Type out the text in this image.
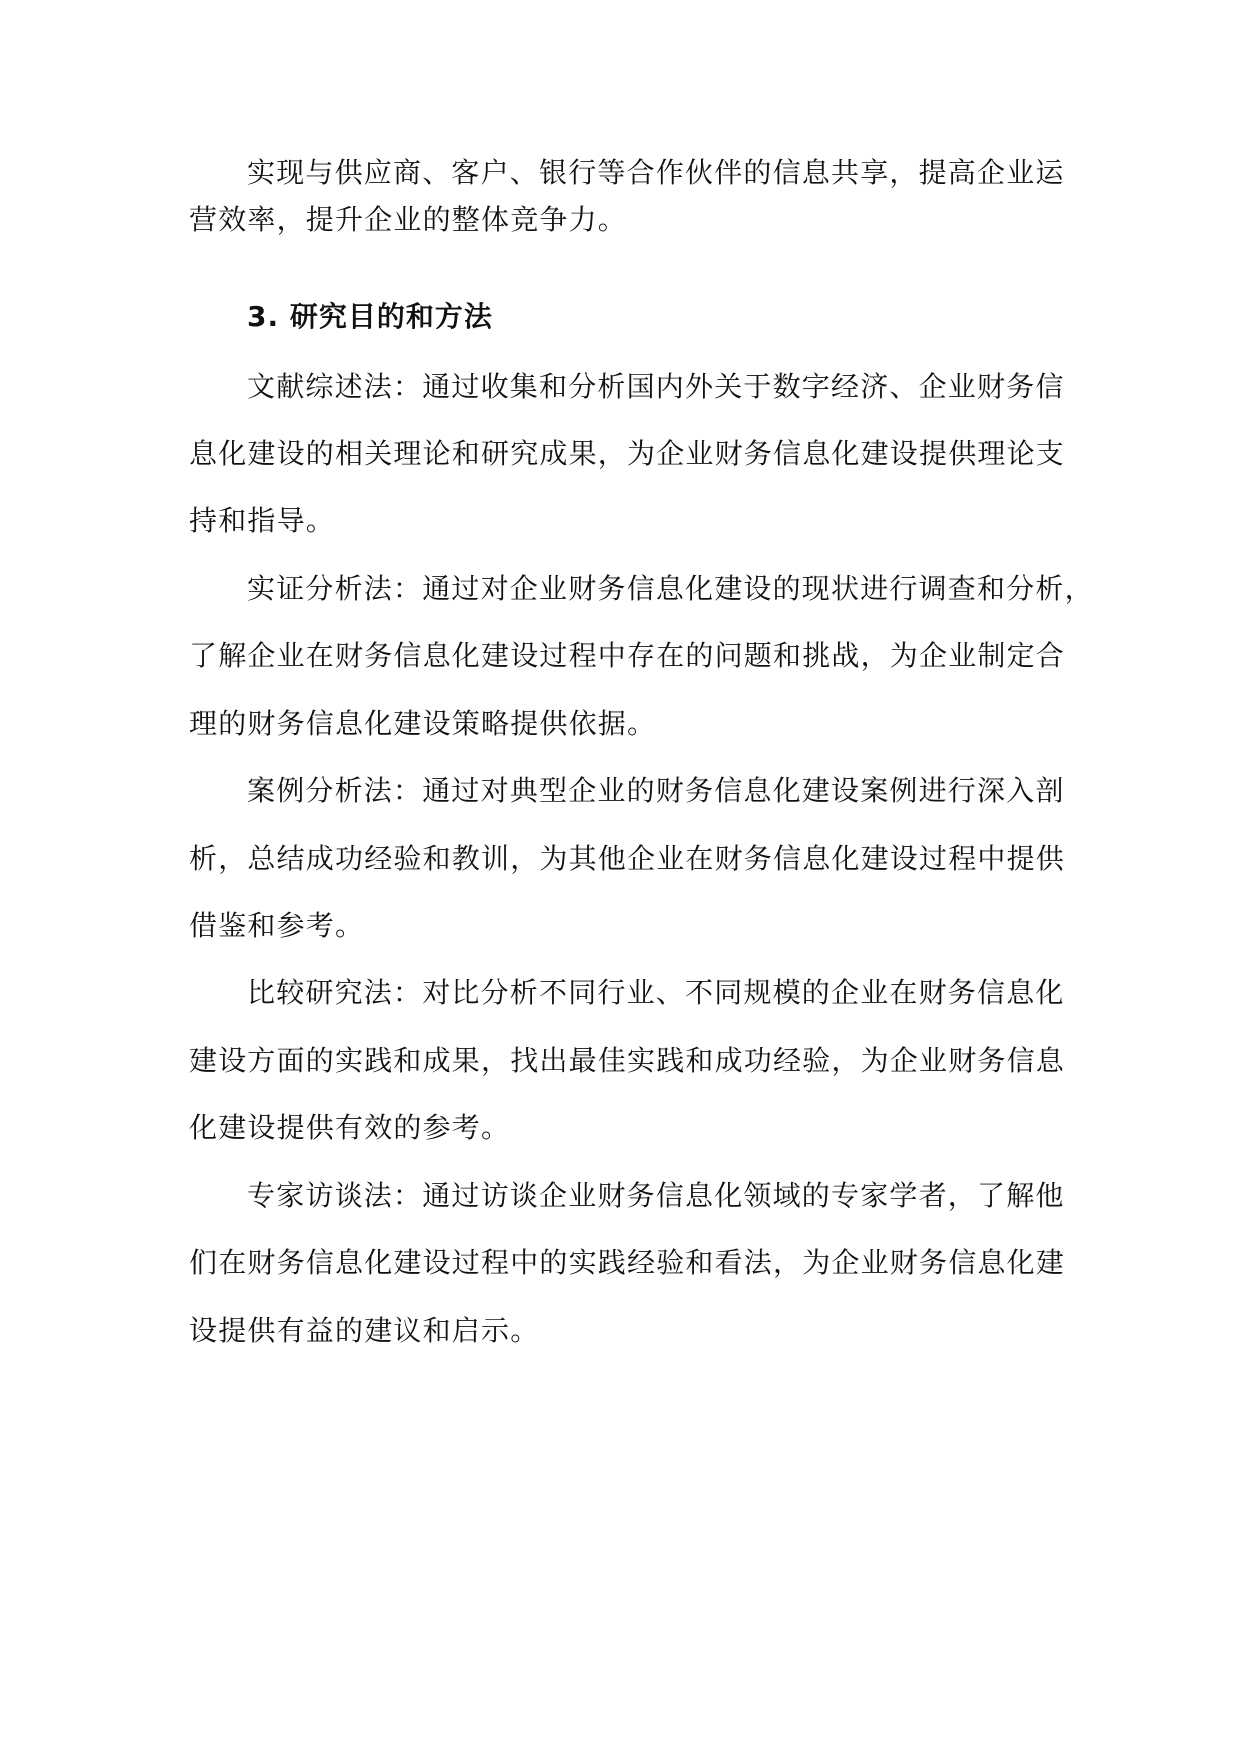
实现与供应商、客户、银行等合作伙伴的信息共享，提高企业运
营效率，提升企业的整体竞争力。
3. 研究目的和方法
文献综述法：通过收集和分析国内外关于数字经济、企业财务信
息化建设的相关理论和研究成果，为企业财务信息化建设提供理论支
持和指导。
实证分析法：通过对企业财务信息化建设的现状进行调查和分析，
了解企业在财务信息化建设过程中存在的问题和挑战，为企业制定合
理的财务信息化建设策略提供依据。
案例分析法：通过对典型企业的财务信息化建设案例进行深入剖
析，总结成功经验和教训，为其他企业在财务信息化建设过程中提供
借鉴和参考。
比较研究法：对比分析不同行业、不同规模的企业在财务信息化
建设方面的实践和成果，找出最佳实践和成功经验，为企业财务信息
化建设提供有效的参考。
专家访谈法：通过访谈企业财务信息化领域的专家学者，了解他
们在财务信息化建设过程中的实践经验和看法，为企业财务信息化建
设提供有益的建议和启示。
